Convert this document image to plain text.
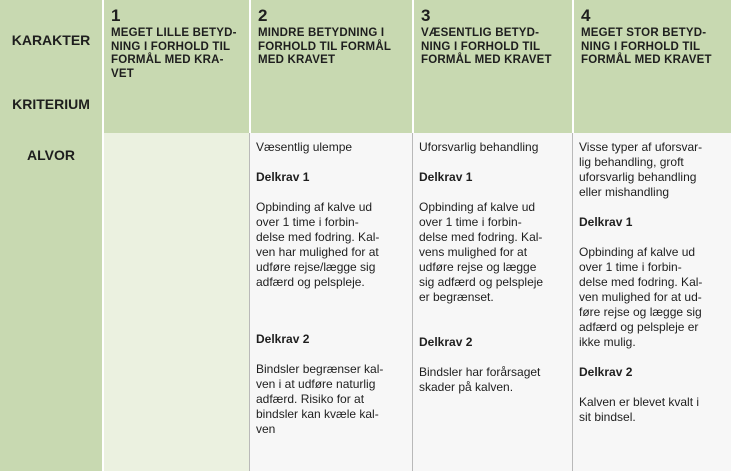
KARAKTER
KRITERIUM
1
MEGET LILLE BETYD-
NING I FORHOLD TIL
FORMÅL MED KRA-
VET
2
MINDRE BETYDNING I
FORHOLD TIL FORMÅL
MED KRAVET
3
VÆSENTLIG BETYD-
NING I FORHOLD TIL
FORMÅL MED KRAVET
4
MEGET STOR BETYD-
NING I FORHOLD TIL
FORMÅL MED KRAVET
ALVOR	Væsentlig ulempe

Delkrav 1

Opbinding af kalve ud

over 1 time i forbin-

delse med fodring. Kal-

ven har mulighed for at

udføre rejse/lægge sig

adfærd og pelspleje.

Delkrav 2

Bindsler begrænser kal-

ven i at udføre naturlig

adfærd. Risiko for at

bindsler kan kvæle kal-

ven

Uforsvarlig behandling

Delkrav 1

Opbinding af kalve ud

over 1 time i forbin-

delse med fodring. Kal-

vens mulighed for at

udføre rejse og lægge

sig adfærd og pelspleje

er begrænset.

Delkrav 2

Bindsler har forårsaget

skader på kalven.

Visse typer af uforsvar-

lig behandling, groft

uforsvarlig behandling

eller mishandling

Delkrav 1

Opbinding af kalve ud

over 1 time i forbin-

delse med fodring. Kal-

ven mulighed for at ud-

føre rejse og lægge sig

adfærd og pelspleje er

ikke mulig.

Delkrav 2

Kalven er blevet kvalt i

sit bindsel.
